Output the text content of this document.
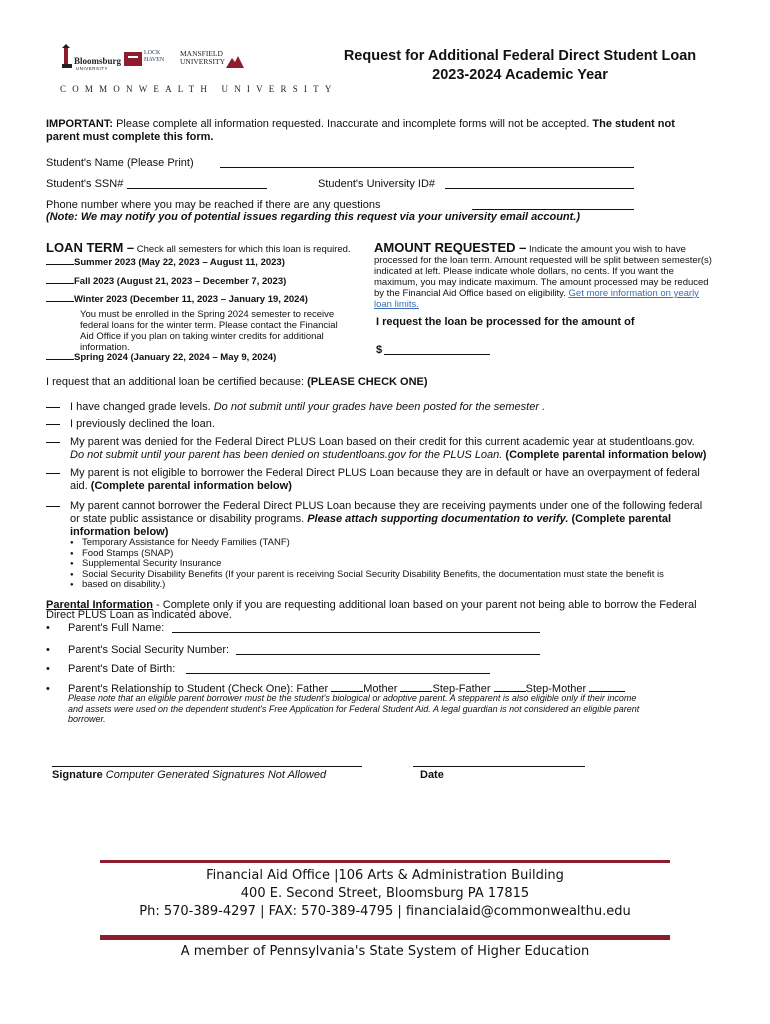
Bloomsburg
UNIVERSITY
LOCK HAVEN
MANSFIELD UNIVERSITY
COMMONWEALTH UNIVERSITY
Request for Additional Federal Direct Student Loan
2023-2024 Academic Year
IMPORTANT: Please complete all information requested. Inaccurate and incomplete forms will not be accepted. The student not
parent must complete this form.
Student's Name (Please Print)
Student's SSN#	Student's University ID#
Phone number where you may be reached if there are any questions
(Note: We may notify you of potential issues regarding this request via your university email account.)
LOAN TERM – Check all semesters for which this loan is required.
Summer 2023 (May 22, 2023 – August 11, 2023)
Fall 2023 (August 21, 2023 – December 7, 2023)
Winter 2023 (December 11, 2023 – January 19, 2024)
You must be enrolled in the Spring 2024 semester to receive
federal loans for the winter term. Please contact the Financial
Aid Office if you plan on taking winter credits for additional
information.
Spring 2024 (January 22, 2024 – May 9, 2024)
AMOUNT REQUESTED – Indicate the amount you wish to have
processed for the loan term. Amount requested will be split between semester(s)
indicated at left. Please indicate whole dollars, no cents. If you want the
maximum, you may indicate maximum. The amount processed may be reduced
by the Financial Aid Office based on eligibility. Get more information on yearly
loan limits.
I request the loan be processed for the amount of
$
I request that an additional loan be certified because: (PLEASE CHECK ONE)
I have changed grade levels. Do not submit until your grades have been posted for the semester .
I previously declined the loan.
My parent was denied for the Federal Direct PLUS Loan based on their credit for this current academic year at studentloans.gov.
Do not submit until your parent has been denied on studentloans.gov for the PLUS Loan. (Complete parental information below)
My parent is not eligible to borrower the Federal Direct PLUS Loan because they are in default or have an overpayment of federal
aid. (Complete parental information below)
My parent cannot borrower the Federal Direct PLUS Loan because they are receiving payments under one of the following federal
or state public assistance or disability programs. Please attach supporting documentation to verify. (Complete parental
information below)
● Temporary Assistance for Needy Families (TANF)
● Food Stamps (SNAP)
● Supplemental Security Insurance
● Social Security Disability Benefits (If your parent is receiving Social Security Disability Benefits, the documentation must state the benefit is
● based on disability.)
Parental Information - Complete only if you are requesting additional loan based on your parent not being able to borrow the Federal
Direct PLUS Loan as indicated above.
• Parent's Full Name:
• Parent's Social Security Number:
• Parent's Date of Birth:
• Parent's Relationship to Student (Check One): Father	Mother	Step-Father	Step-Mother
Please note that an eligible parent borrower must be the student's biological or adoptive parent. A stepparent is also eligible only if their income
and assets were used on the dependent student's Free Application for Federal Student Aid. A legal guardian is not considered an eligible parent
borrower.
Signature Computer Generated Signatures Not Allowed	Date
Financial Aid Office |106 Arts & Administration Building
400 E. Second Street, Bloomsburg PA 17815
Ph: 570-389-4297 | FAX: 570-389-4795 | financialaid@commonwealthu.edu
A member of Pennsylvania's State System of Higher Education
